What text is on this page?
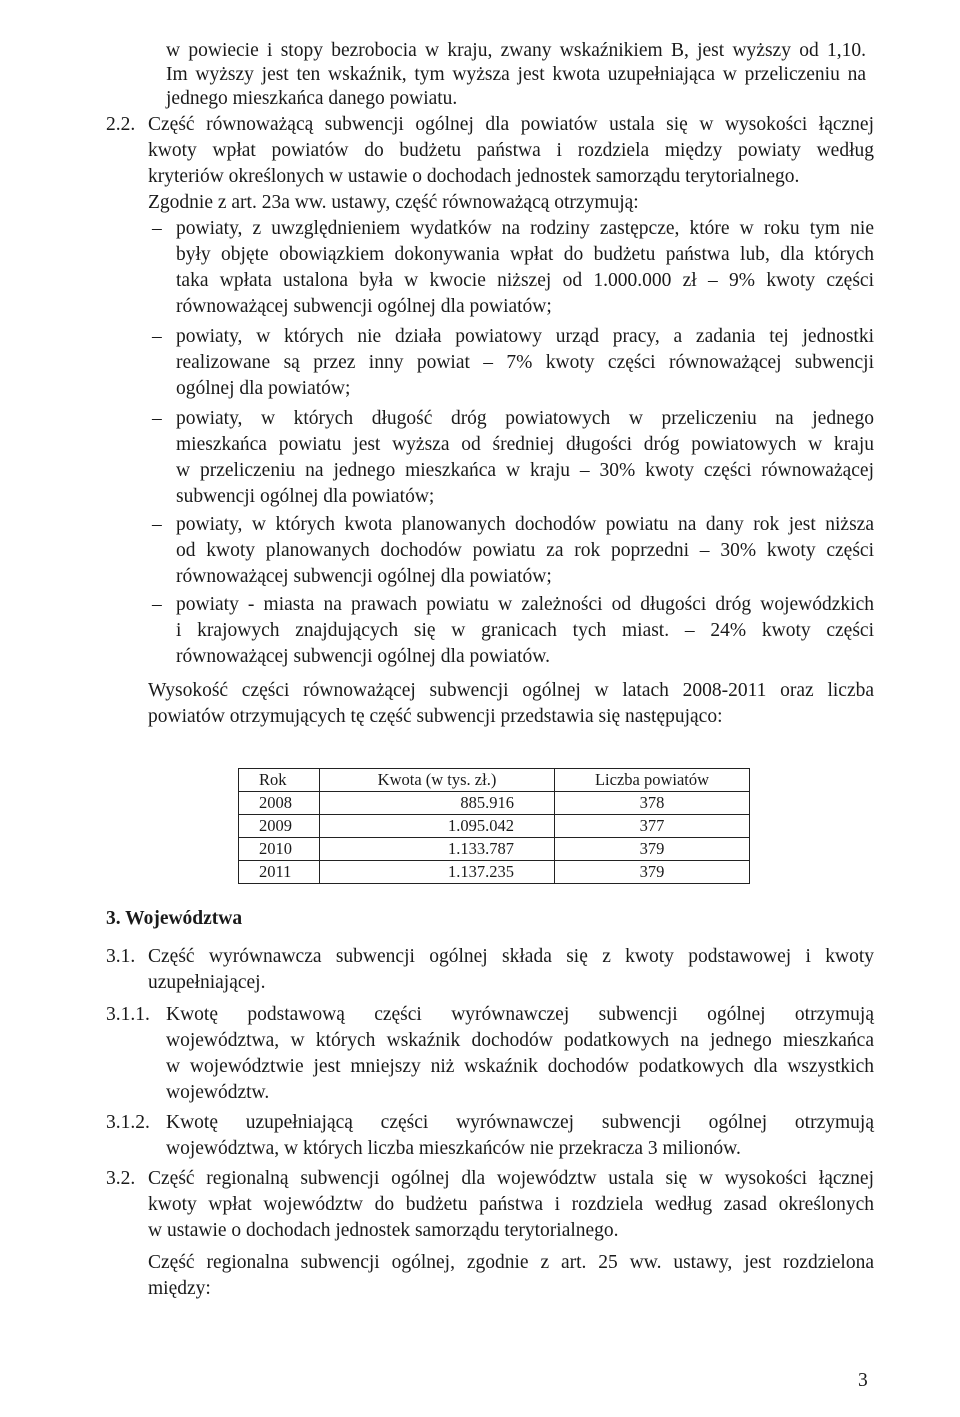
w powiecie i stopy bezrobocia w kraju, zwany wskaźnikiem B, jest wyższy od 1,10.
Im wyższy jest ten wskaźnik, tym wyższa jest kwota uzupełniająca w przeliczeniu na
jednego mieszkańca danego powiatu.
2.2. Część równoważącą subwencji ogólnej dla powiatów ustala się w wysokości łącznej
kwoty wpłat powiatów do budżetu państwa i rozdziela między powiaty według
kryteriów określonych w ustawie o dochodach jednostek samorządu terytorialnego.
Zgodnie z art. 23a ww. ustawy, część równoważącą otrzymują:
– powiaty, z uwzględnieniem wydatków na rodziny zastępcze, które w roku tym nie
były objęte obowiązkiem dokonywania wpłat do budżetu państwa lub, dla których
taka wpłata ustalona była w kwocie niższej od 1.000.000 zł – 9% kwoty części
równoważącej subwencji ogólnej dla powiatów;
– powiaty, w których nie działa powiatowy urząd pracy, a zadania tej jednostki
realizowane są przez inny powiat – 7% kwoty części równoważącej subwencji
ogólnej dla powiatów;
– powiaty, w których długość dróg powiatowych w przeliczeniu na jednego
mieszkańca powiatu jest wyższa od średniej długości dróg powiatowych w kraju
w przeliczeniu na jednego mieszkańca w kraju – 30% kwoty części równoważącej
subwencji ogólnej dla powiatów;
– powiaty, w których kwota planowanych dochodów powiatu na dany rok jest niższa
od kwoty planowanych dochodów powiatu za rok poprzedni – 30% kwoty części
równoważącej subwencji ogólnej dla powiatów;
– powiaty - miasta na prawach powiatu w zależności od długości dróg wojewódzkich
i krajowych znajdujących się w granicach tych miast. – 24% kwoty części
równoważącej subwencji ogólnej dla powiatów.
Wysokość części równoważącej subwencji ogólnej w latach 2008-2011 oraz liczba
powiatów otrzymujących tę część subwencji przedstawia się następująco:
Rok	Kwota (w tys. zł.)	Liczba powiatów
2008	885.916	378
2009	1.095.042	377
2010	1.133.787	379
2011	1.137.235	379
3. Województwa
3.1. Część wyrównawcza subwencji ogólnej składa się z kwoty podstawowej i kwoty
uzupełniającej.
3.1.1. Kwotę podstawową części wyrównawczej subwencji ogólnej otrzymują
województwa, w których wskaźnik dochodów podatkowych na jednego mieszkańca
w województwie jest mniejszy niż wskaźnik dochodów podatkowych dla wszystkich
województw.
3.1.2. Kwotę uzupełniającą części wyrównawczej subwencji ogólnej otrzymują
województwa, w których liczba mieszkańców nie przekracza 3 milionów.
3.2. Część regionalną subwencji ogólnej dla województw ustala się w wysokości łącznej
kwoty wpłat województw do budżetu państwa i rozdziela według zasad określonych
w ustawie o dochodach jednostek samorządu terytorialnego.
Część regionalna subwencji ogólnej, zgodnie z art. 25 ww. ustawy, jest rozdzielona
między:
3
